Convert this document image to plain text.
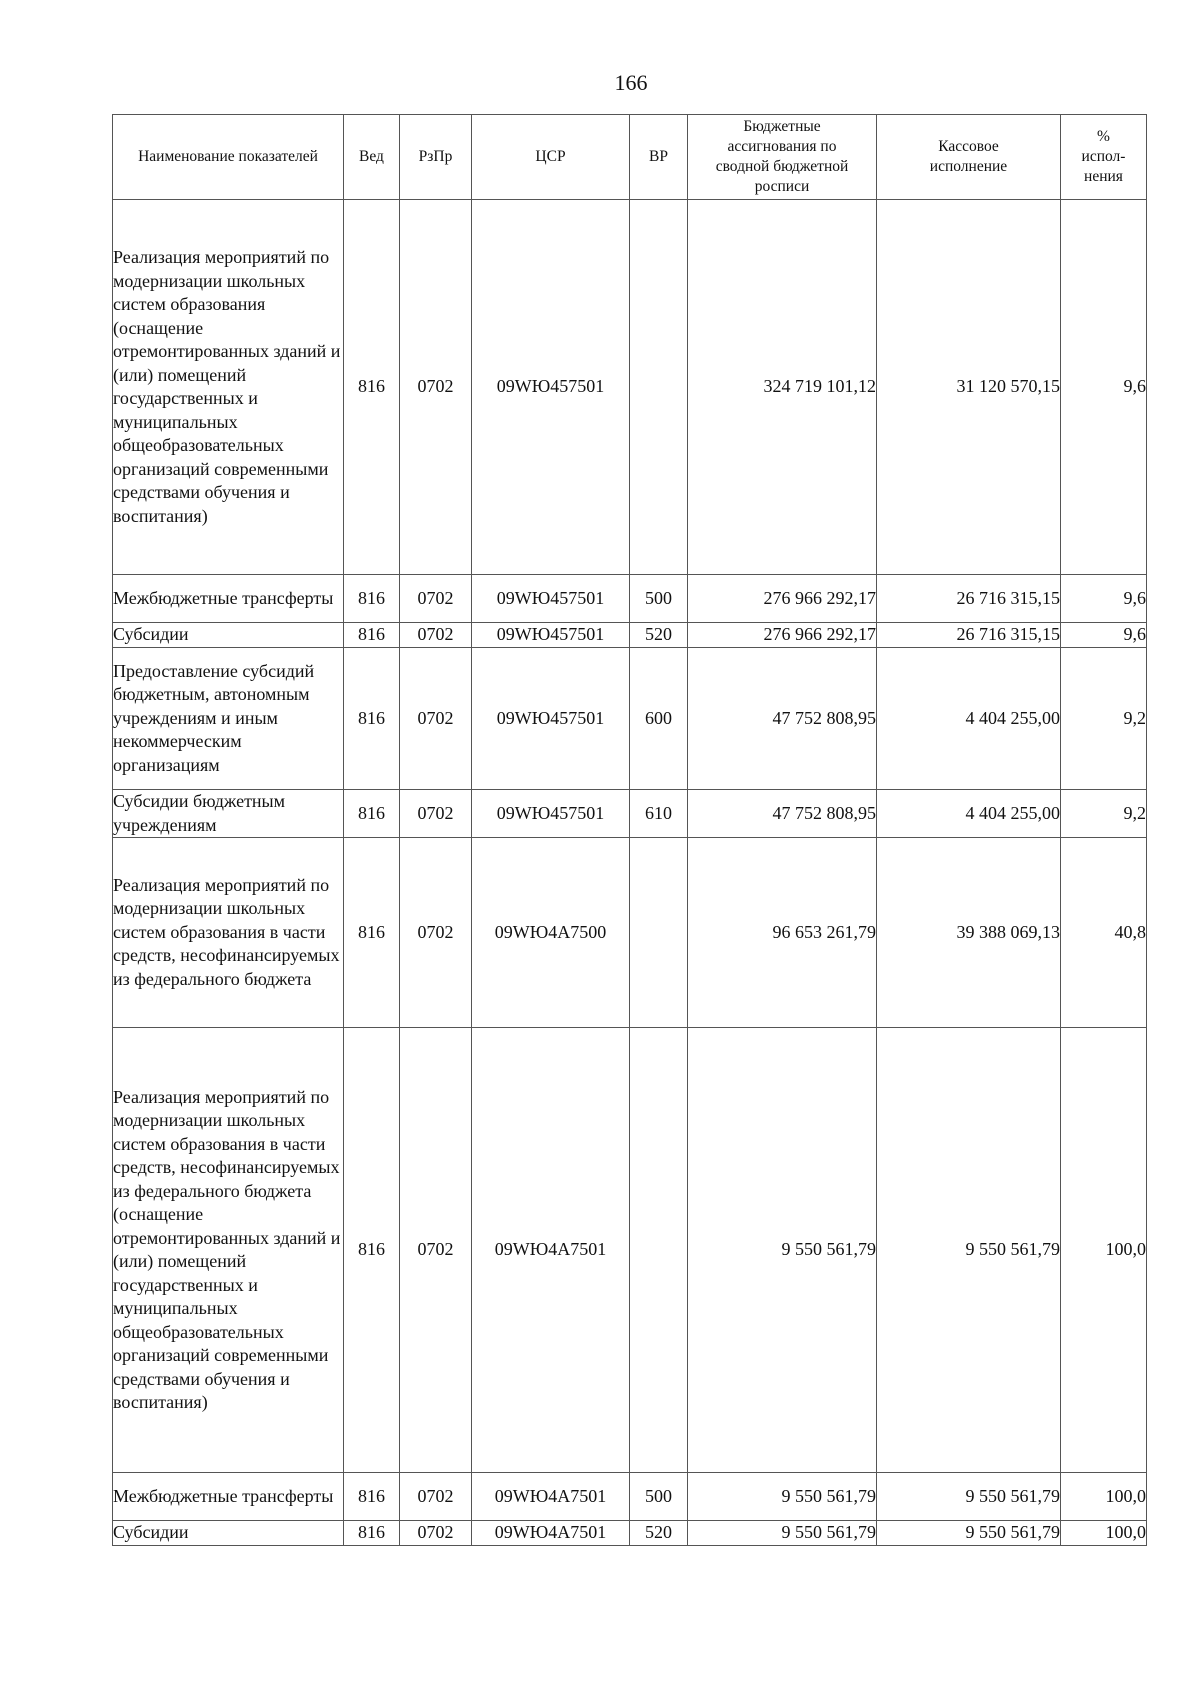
166
Наименование показателей	Вед	РзПр	ЦСР	ВР	Бюджетные ассигнования по сводной бюджетной росписи	Кассовое исполнение	% испол-нения
Реализация мероприятий по модернизации школьных систем образования (оснащение отремонтированных зданий и (или) помещений государственных и муниципальных общеобразовательных организаций современными средствами обучения и воспитания)	816	0702	09WЮ457501		324 719 101,12	31 120 570,15	9,6
Межбюджетные трансферты	816	0702	09WЮ457501	500	276 966 292,17	26 716 315,15	9,6
Субсидии	816	0702	09WЮ457501	520	276 966 292,17	26 716 315,15	9,6
Предоставление субсидий бюджетным, автономным учреждениям и иным некоммерческим организациям	816	0702	09WЮ457501	600	47 752 808,95	4 404 255,00	9,2
Субсидии бюджетным учреждениям	816	0702	09WЮ457501	610	47 752 808,95	4 404 255,00	9,2
Реализация мероприятий по модернизации школьных систем образования в части средств, несофинансируемых из федерального бюджета	816	0702	09WЮ4А7500		96 653 261,79	39 388 069,13	40,8
Реализация мероприятий по модернизации школьных систем образования в части средств, несофинансируемых из федерального бюджета (оснащение отремонтированных зданий и (или) помещений государственных и муниципальных общеобразовательных организаций современными средствами обучения и воспитания)	816	0702	09WЮ4А7501		9 550 561,79	9 550 561,79	100,0
Межбюджетные трансферты	816	0702	09WЮ4А7501	500	9 550 561,79	9 550 561,79	100,0
Субсидии	816	0702	09WЮ4А7501	520	9 550 561,79	9 550 561,79	100,0
